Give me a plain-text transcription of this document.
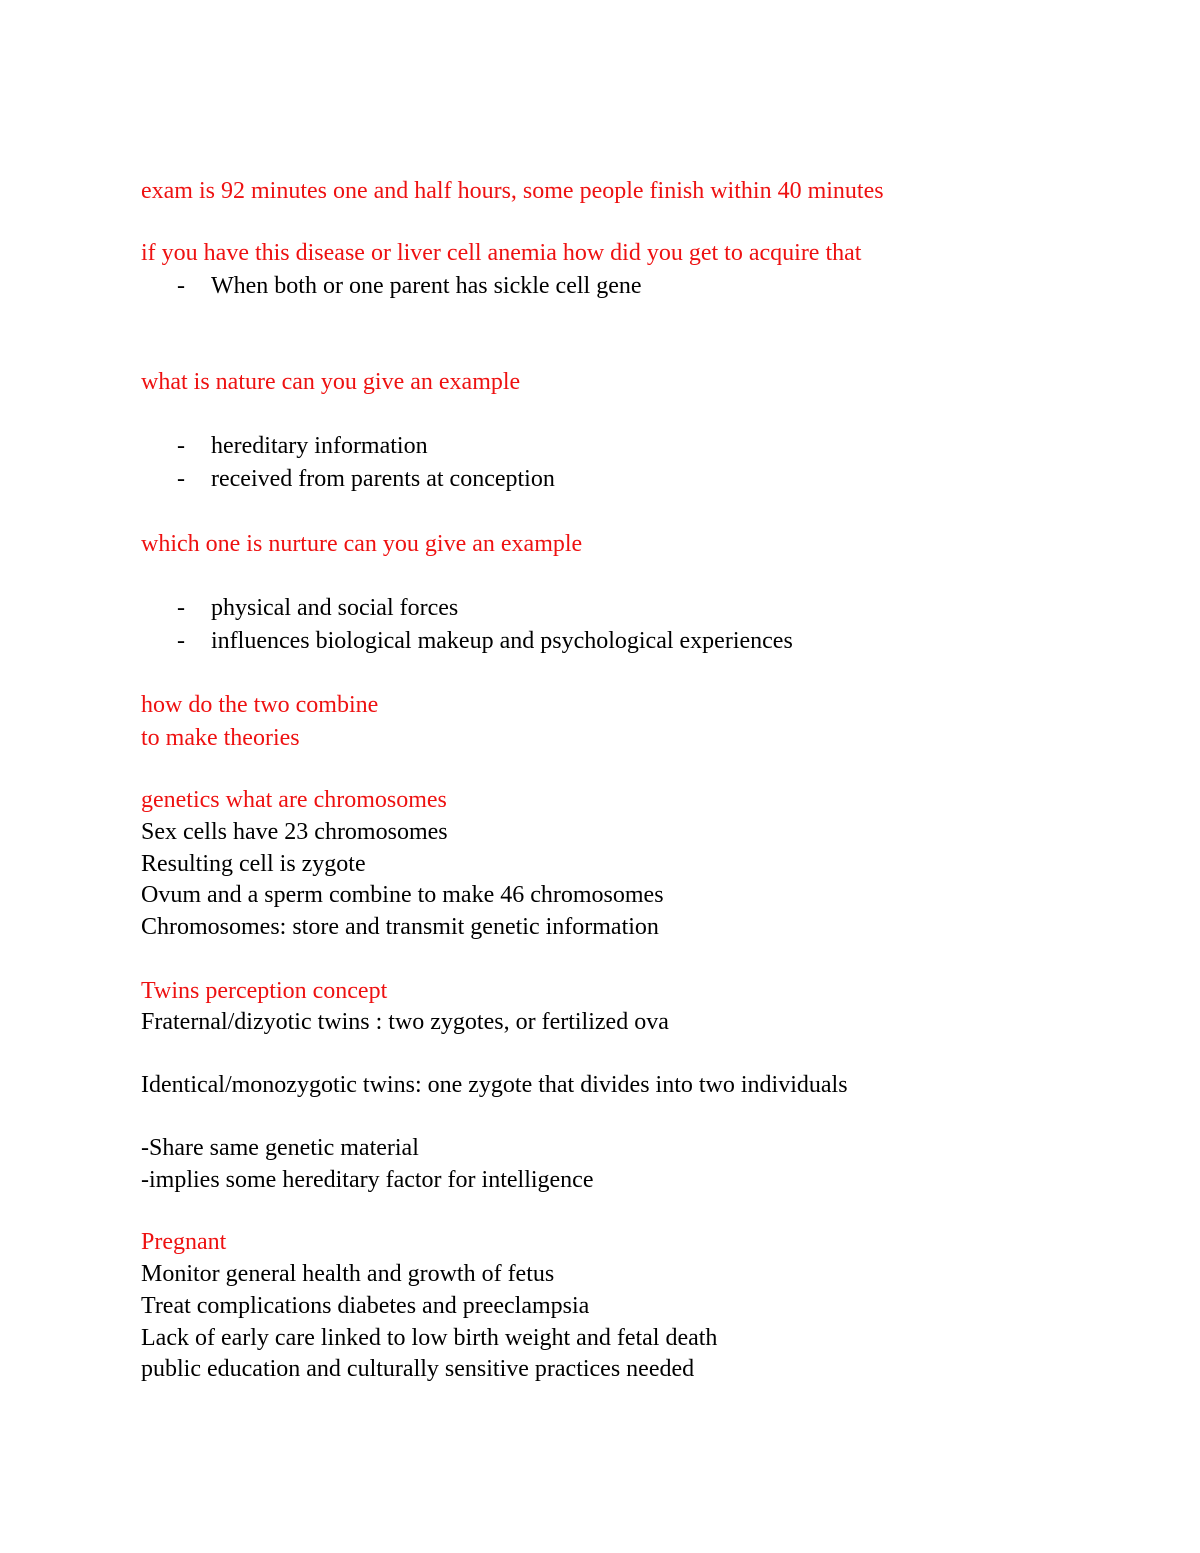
exam is 92 minutes one and half hours, some people finish within 40 minutes
if you have this disease or liver cell anemia how did you get to acquire that
- When both or one parent has sickle cell gene
what is nature can you give an example
- hereditary information
- received from parents at conception
which one is nurture can you give an example
- physical and social forces
- influences biological makeup and psychological experiences
how do the two combine
to make theories
genetics what are chromosomes
Sex cells have 23 chromosomes
Resulting cell is zygote
Ovum and a sperm combine to make 46 chromosomes
Chromosomes: store and transmit genetic information
Twins perception concept
Fraternal/dizyotic twins : two zygotes, or fertilized ova
Identical/monozygotic twins: one zygote that divides into two individuals
-Share same genetic material
-implies some hereditary factor for intelligence
Pregnant
Monitor general health and growth of fetus
Treat complications diabetes and preeclampsia
Lack of early care linked to low birth weight and fetal death
public education and culturally sensitive practices needed
